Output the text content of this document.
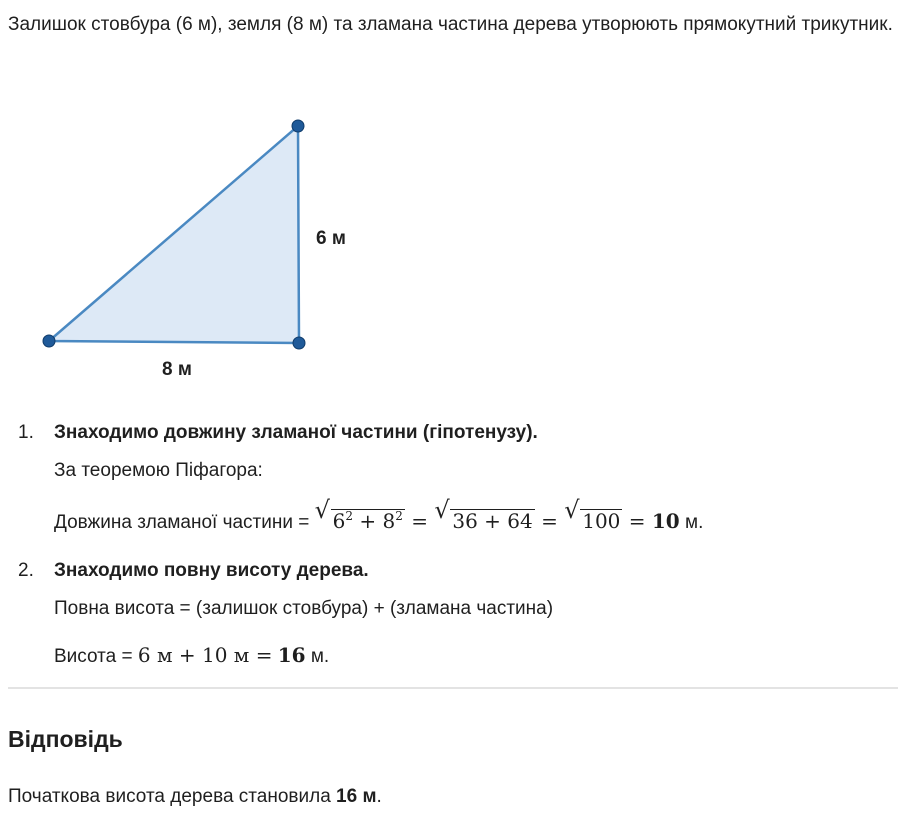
Залишок стовбура (6 м), земля (8 м) та зламана частина дерева утворюють прямокутний трикутник.

6 м
8 м
1. Знаходимо довжину зламаної частини (гіпотенузу).

За теоремою Піфагора:

Довжина зламаної частини = √ $6^2 + 8^2$ = √ 36 + 64 = √ 100 = 10 м.

2. Знаходимо повну висоту дерева.

Повна висота = (залишок стовбура) + (зламана частина)

Висота = 6 м + 10 м = 16 м.

Відповідь

Початкова висота дерева становила 16 м.
